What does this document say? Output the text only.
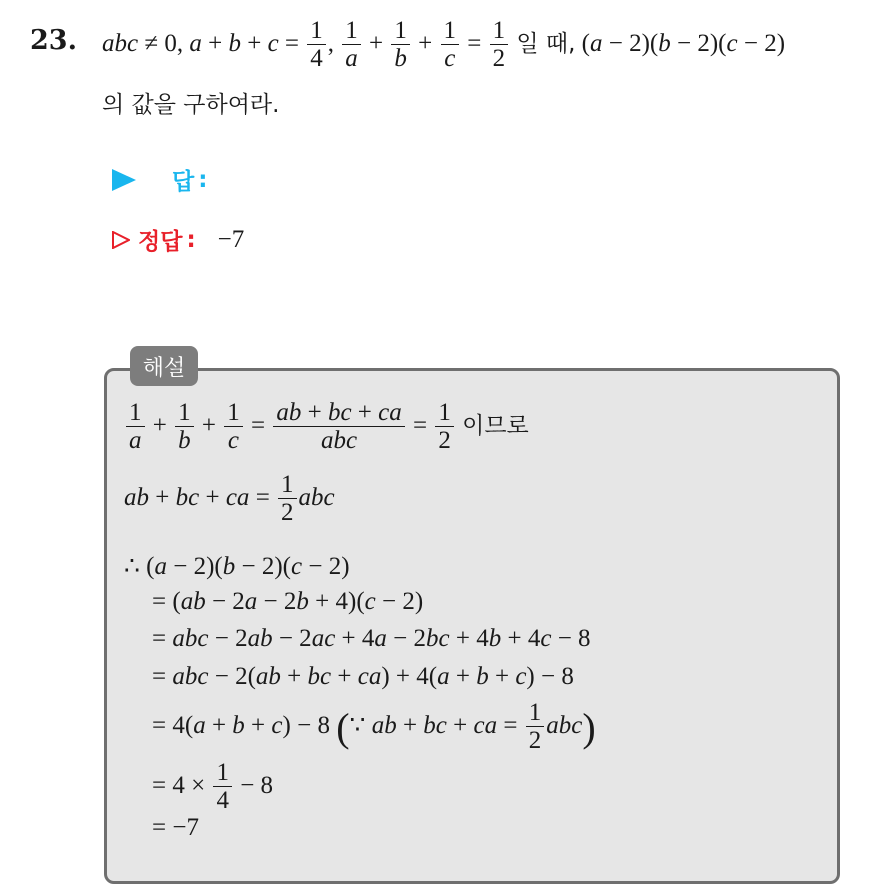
23. abc ≠ 0, $a + b + c = \frac{1}{4}$ , $\frac{1}{a} + \frac{1}{b} + \frac{1}{c} = \frac{1}{2}$ 일 때, (a − 2)(b − 2)(c − 2)
의 값을 구하여라.
답 :
정답 : −7
해설
$\frac{1}{a} + \frac{1}{b} + \frac{1}{c} = \frac{ab + bc + ca}{\text{abc}} = \frac{1}{2}$ 이므로
ab + bc + ca = $\frac{1}{2}$ abc
∴ (a − 2)(b − 2)(c − 2)
= (ab − 2a − 2b + 4)(c − 2)
= abc − 2ab − 2ac + 4a − 2bc + 4b + 4c − 8
= abc − 2(ab + bc + ca) + 4(a + b + c) − 8
= 4(a + b + c) − 8 (∵ ab + bc + ca = $\frac{1}{2} abc$)
= $4 \times \frac{1}{4} - 8$
= −7
